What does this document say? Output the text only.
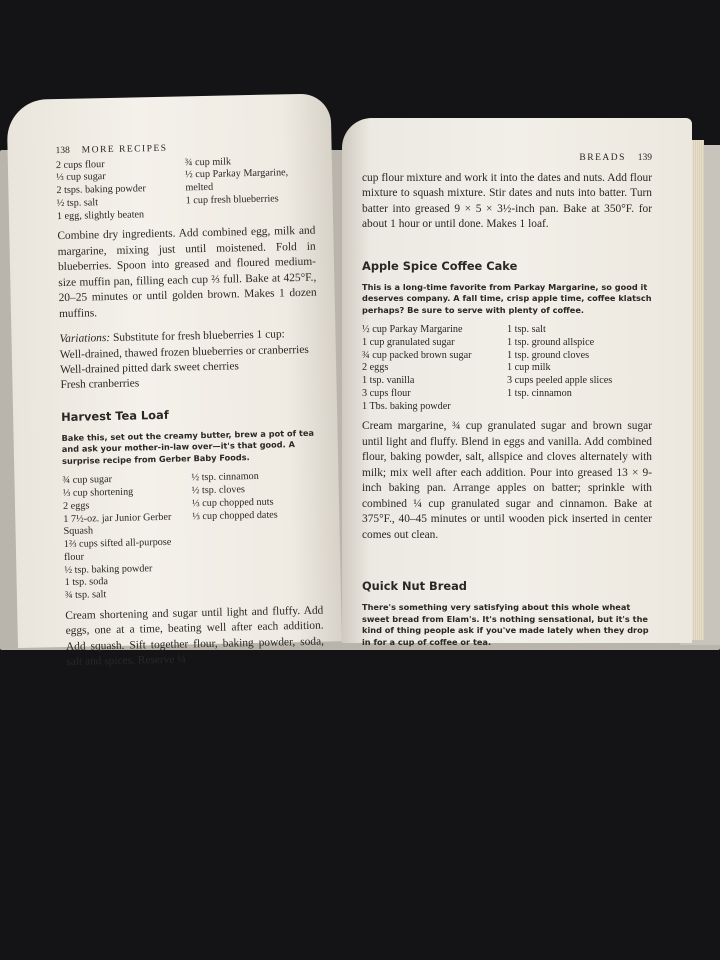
138 MORE RECIPES
2 cups flour
⅓ cup sugar
2 tsps. baking powder
½ tsp. salt
1 egg, slightly beaten
¾ cup milk
½ cup Parkay Margarine,
melted
1 cup fresh blueberries

Combine dry ingredients. Add combined egg, milk and margarine, mixing just until moistened. Fold in blueberries. Spoon into greased and floured medium-size muffin pan, filling each cup ⅔ full. Bake at 425°F., 20–25 minutes or until golden brown. Makes 1 dozen muffins.

Variations: Substitute for fresh blueberries 1 cup:
Well-drained, thawed frozen blueberries or cranberries
Well-drained pitted dark sweet cherries
Fresh cranberries
Harvest Tea Loaf

Bake this, set out the creamy butter, brew a pot of tea and ask your mother-in-law over—it's that good. A surprise recipe from Gerber Baby Foods.

¾ cup sugar
⅓ cup shortening
2 eggs
1 7½-oz. jar Junior Gerber
Squash
1⅔ cups sifted all-purpose flour
½ tsp. baking powder
1 tsp. soda
¾ tsp. salt
½ tsp. cinnamon
½ tsp. cloves
⅓ cup chopped nuts
⅓ cup chopped dates

Cream shortening and sugar until light and fluffy. Add eggs, one at a time, beating well after each addition. Add squash. Sift together flour, baking powder, soda, salt and spices. Reserve ¼

BREADS 139

cup flour mixture and work it into the dates and nuts. Add flour mixture to squash mixture. Stir dates and nuts into batter. Turn batter into greased 9 × 5 × 3½-inch pan. Bake at 350°F. for about 1 hour or until done. Makes 1 loaf.

Apple Spice Coffee Cake

This is a long-time favorite from Parkay Margarine, so good it deserves company. A fall time, crisp apple time, coffee klatsch perhaps? Be sure to serve with plenty of coffee.

½ cup Parkay Margarine
1 cup granulated sugar
¾ cup packed brown sugar
2 eggs
1 tsp. vanilla
3 cups flour
1 Tbs. baking powder
1 tsp. salt
1 tsp. ground allspice
1 tsp. ground cloves
1 cup milk
3 cups peeled apple slices
1 tsp. cinnamon

Cream margarine, ¾ cup granulated sugar and brown sugar until light and fluffy. Blend in eggs and vanilla. Add combined flour, baking powder, salt, allspice and cloves alternately with milk; mix well after each addition. Pour into greased 13 × 9-inch baking pan. Arrange apples on batter; sprinkle with combined ¼ cup granulated sugar and cinnamon. Bake at 375°F., 40–45 minutes or until wooden pick inserted in center comes out clean.

Quick Nut Bread

There's something very satisfying about this whole wheat sweet bread from Elam's. It's nothing sensational, but it's the kind of thing people ask if you've made lately when they drop in for a cup of coffee or tea.
